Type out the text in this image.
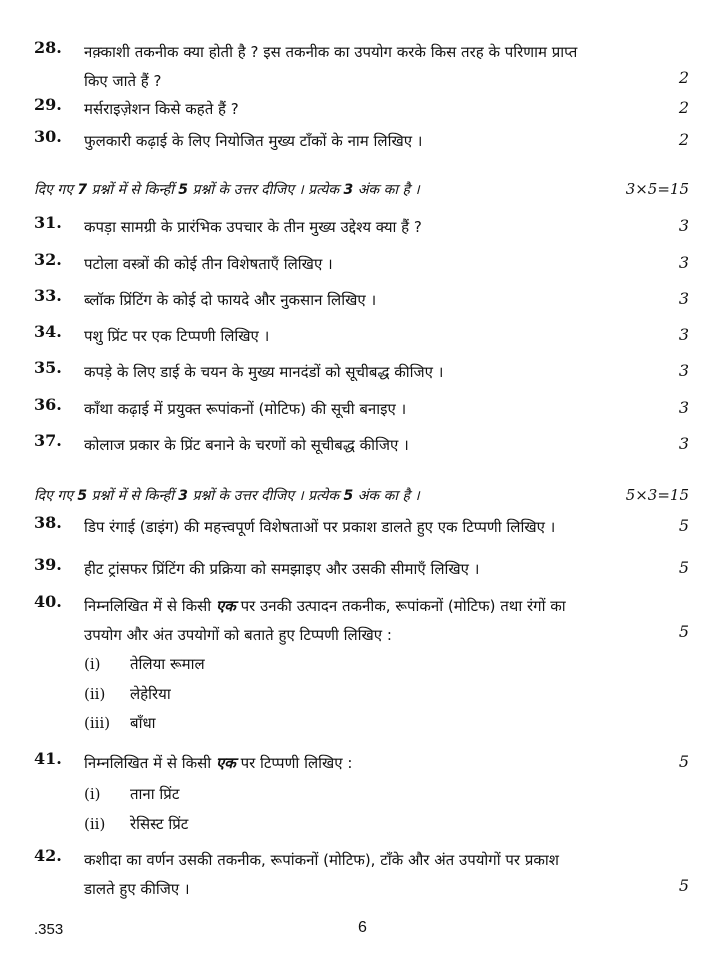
28. नक़्काशी तकनीक क्या होती है ? इस तकनीक का उपयोग करके किस तरह के परिणाम प्राप्त
किए जाते हैं ?	2
29. मर्सराइज़ेशन किसे कहते हैं ?	2
30. फुलकारी कढ़ाई के लिए नियोजित मुख्य टाँकों के नाम लिखिए ।	2
दिए गए 7 प्रश्नों में से किन्हीं 5 प्रश्नों के उत्तर दीजिए । प्रत्येक 3 अंक का है ।	3×5=15
31. कपड़ा सामग्री के प्रारंभिक उपचार के तीन मुख्य उद्देश्य क्या हैं ?	3
32. पटोला वस्त्रों की कोई तीन विशेषताएँ लिखिए ।	3
33. ब्लॉक प्रिंटिंग के कोई दो फायदे और नुकसान लिखिए ।	3
34. पशु प्रिंट पर एक टिप्पणी लिखिए ।	3
35. कपड़े के लिए डाई के चयन के मुख्य मानदंडों को सूचीबद्ध कीजिए ।	3
36. काँथा कढ़ाई में प्रयुक्त रूपांकनों (मोटिफ) की सूची बनाइए ।	3
37. कोलाज प्रकार के प्रिंट बनाने के चरणों को सूचीबद्ध कीजिए ।	3
दिए गए 5 प्रश्नों में से किन्हीं 3 प्रश्नों के उत्तर दीजिए । प्रत्येक 5 अंक का है ।	5×3=15
38. डिप रंगाई (डाइंग) की महत्त्वपूर्ण विशेषताओं पर प्रकाश डालते हुए एक टिप्पणी लिखिए ।	5
39. हीट ट्रांसफर प्रिंटिंग की प्रक्रिया को समझाइए और उसकी सीमाएँ लिखिए ।	5
40. निम्नलिखित में से किसी एक पर उनकी उत्पादन तकनीक, रूपांकनों (मोटिफ) तथा रंगों का
उपयोग और अंत उपयोगों को बताते हुए टिप्पणी लिखिए :	5
(i) तेलिया रूमाल
(ii) लेहेरिया
(iii) बाँधा
41. निम्नलिखित में से किसी एक पर टिप्पणी लिखिए :	5
(i) ताना प्रिंट
(ii) रेसिस्ट प्रिंट
42. कशीदा का वर्णन उसकी तकनीक, रूपांकनों (मोटिफ), टाँके और अंत उपयोगों पर प्रकाश
डालते हुए कीजिए ।	5
.353	6
